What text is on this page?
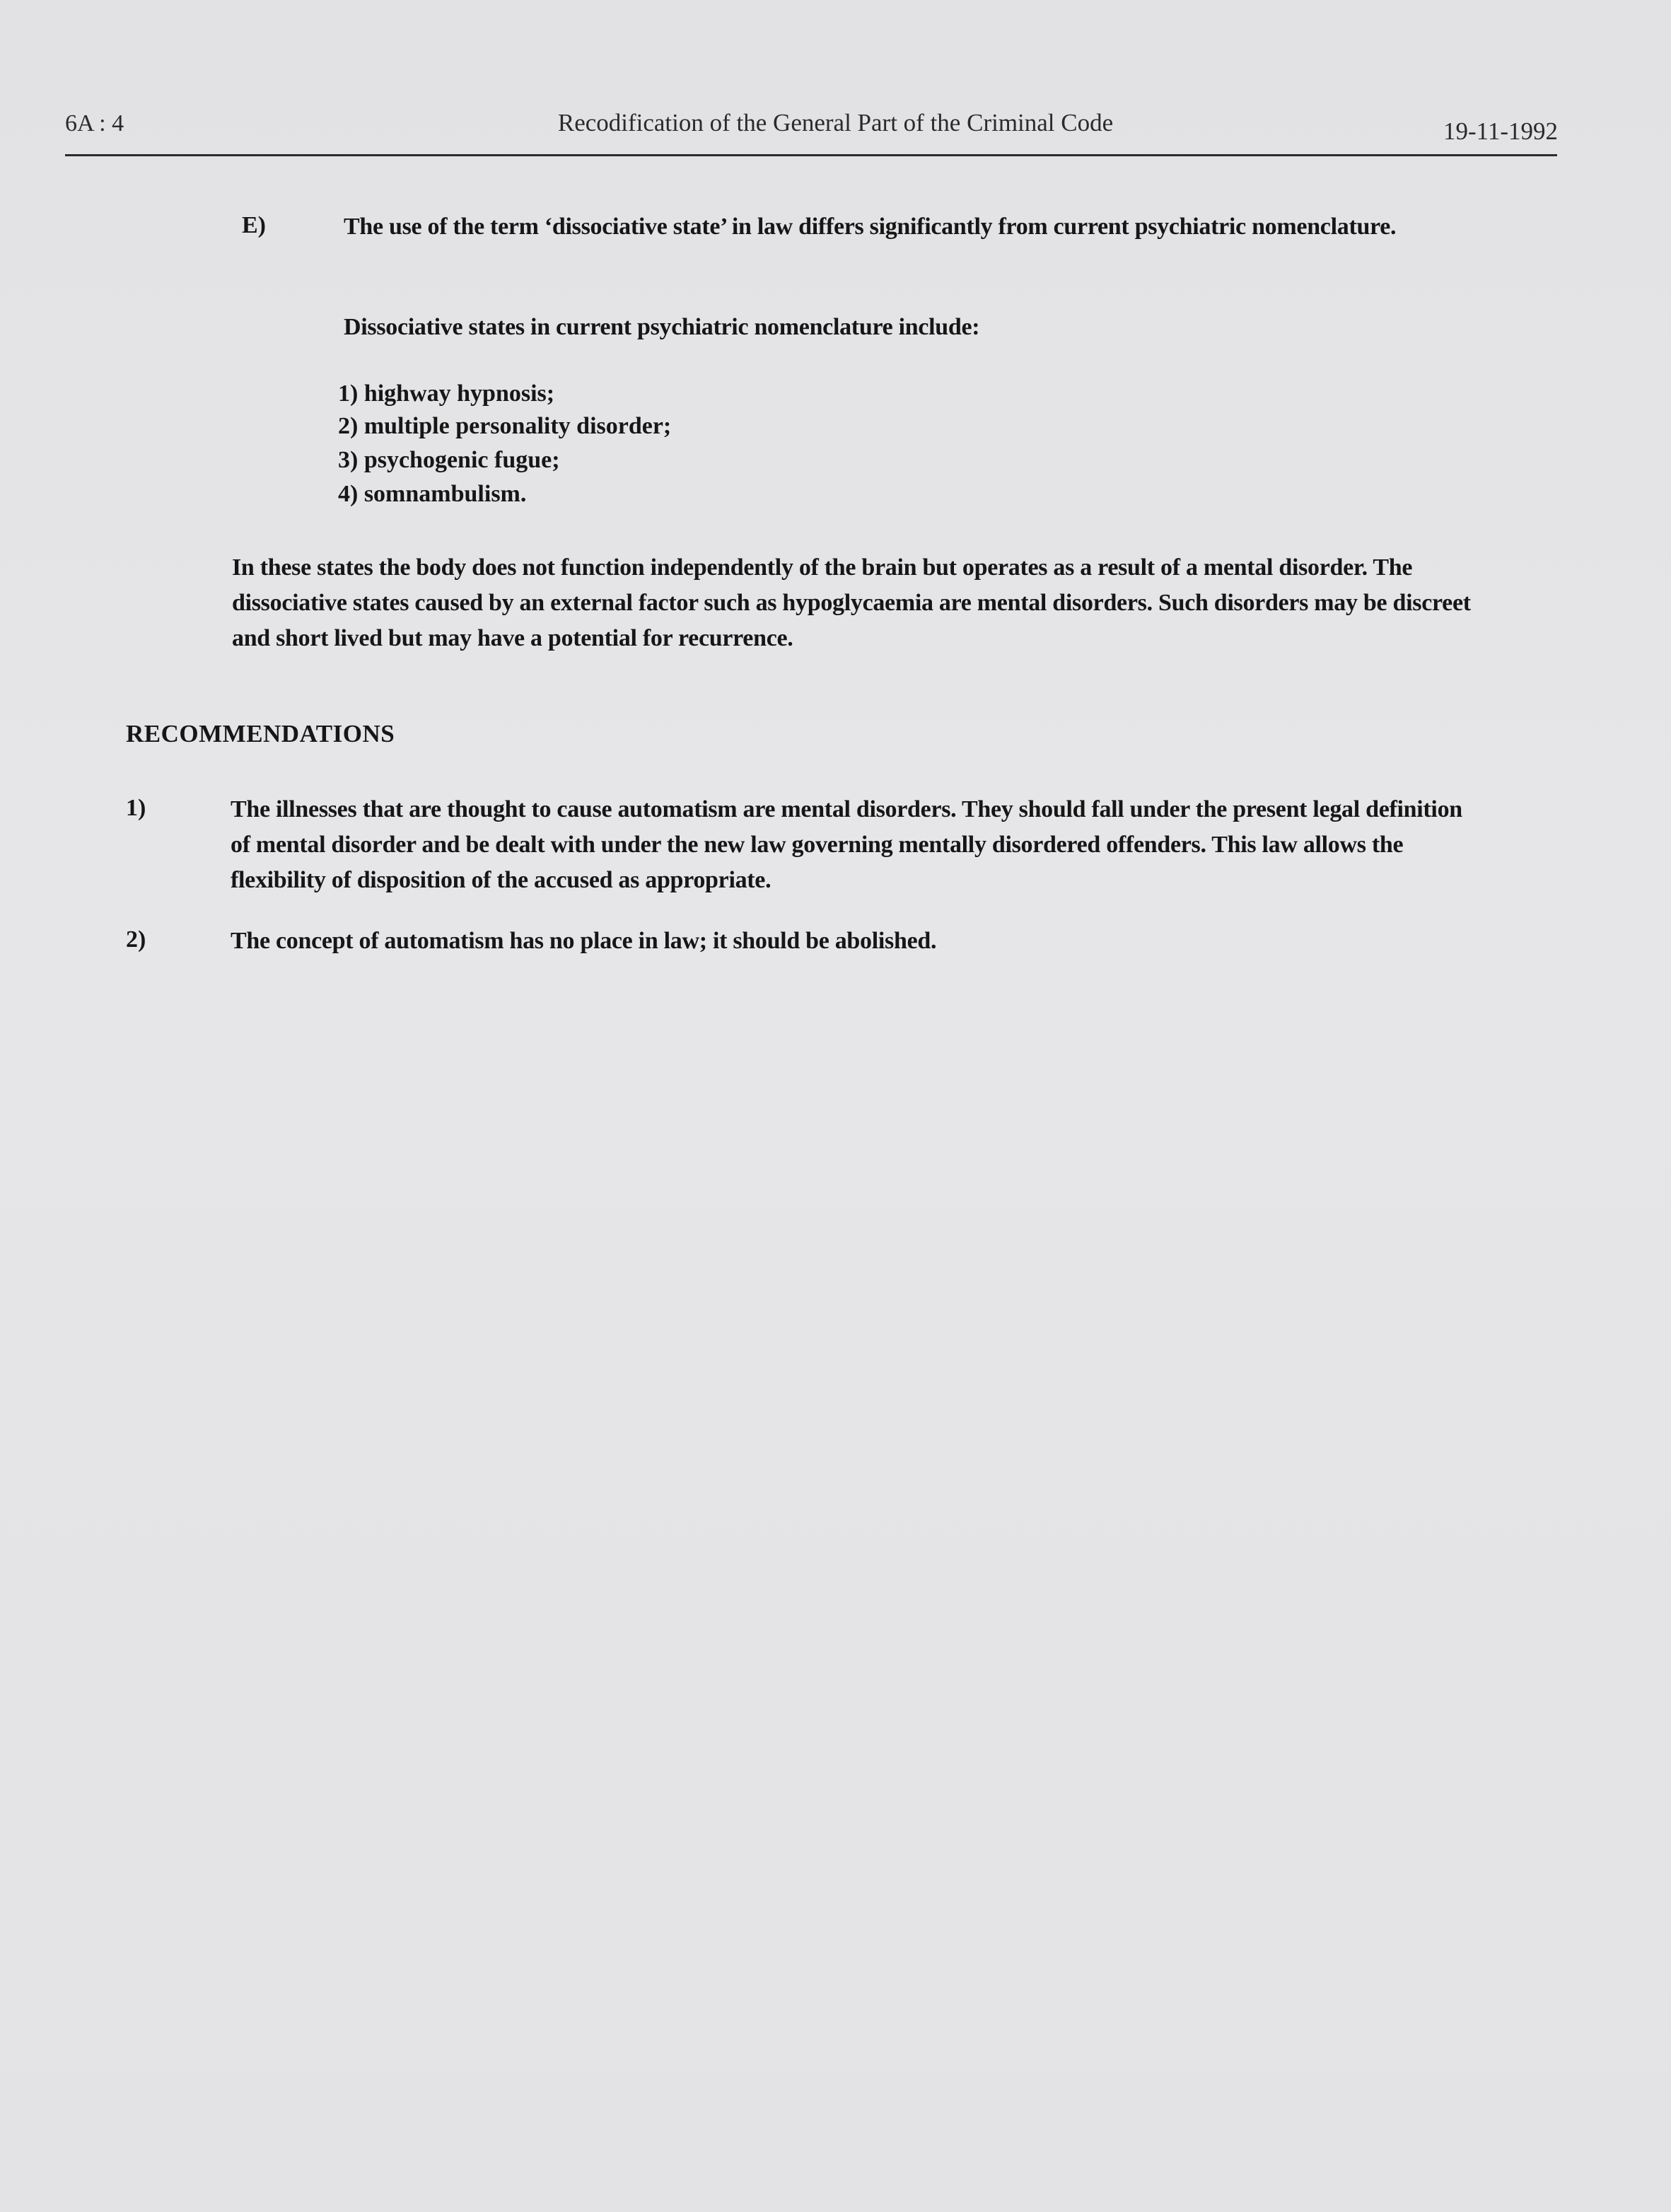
6A : 4	Recodification of the General Part of the Criminal Code	19-11-1992
E)	The use of the term ‘dissociative state’ in law differs significantly from current psychiatric nomenclature.
Dissociative states in current psychiatric nomenclature include:
1) highway hypnosis;
2) multiple personality disorder;
3) psychogenic fugue;
4) somnambulism.
In these states the body does not function independently of the brain but operates as a result of a mental disorder. The dissociative states caused by an external factor such as hypoglycaemia are mental disorders. Such disorders may be discreet and short lived but may have a potential for recurrence.
RECOMMENDATIONS
1)	The illnesses that are thought to cause automatism are mental disorders. They should fall under the present legal definition of mental disorder and be dealt with under the new law governing mentally disordered offenders. This law allows the flexibility of disposition of the accused as appropriate.
2)	The concept of automatism has no place in law; it should be abolished.
